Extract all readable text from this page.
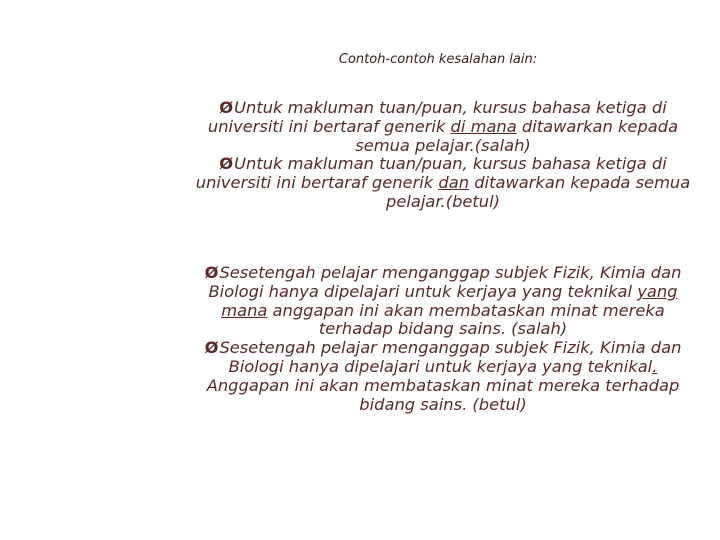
Contoh-contoh kesalahan lain:

ØUntuk makluman tuan/puan, kursus bahasa ketiga di universiti ini bertaraf generik di mana ditawarkan kepada semua pelajar.(salah)

ØUntuk makluman tuan/puan, kursus bahasa ketiga di universiti ini bertaraf generik dan ditawarkan kepada semua pelajar.(betul)

ØSesetengah pelajar menganggap subjek Fizik, Kimia dan Biologi hanya dipelajari untuk kerjaya yang teknikal yang mana anggapan ini akan membataskan minat mereka terhadap bidang sains. (salah)

ØSesetengah pelajar menganggap subjek Fizik, Kimia dan Biologi hanya dipelajari untuk kerjaya yang teknikal. Anggapan ini akan membataskan minat mereka terhadap bidang sains. (betul)
